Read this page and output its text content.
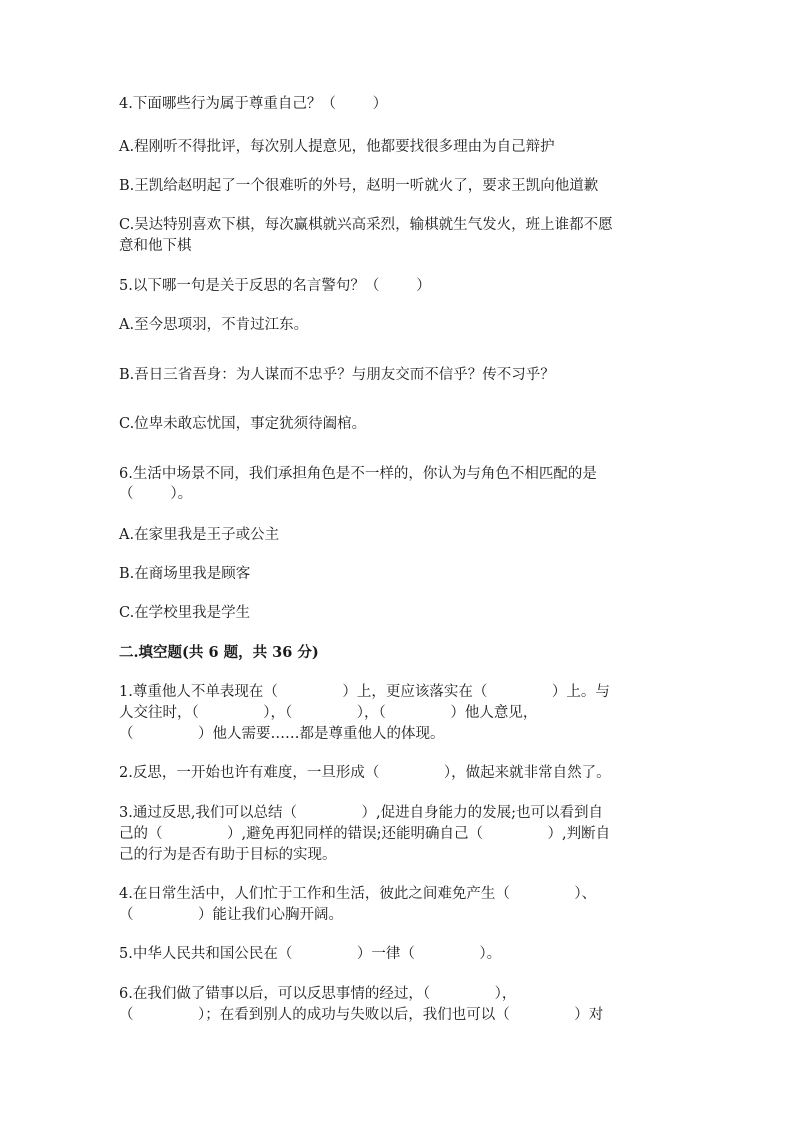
4.下面哪些行为属于尊重自己？（        ）
A.程刚听不得批评，每次别人提意见，他都要找很多理由为自己辩护
B.王凯给赵明起了一个很难听的外号，赵明一听就火了，要求王凯向他道歉
C.吴达特别喜欢下棋，每次赢棋就兴高采烈，输棋就生气发火，班上谁都不愿
意和他下棋
5.以下哪一句是关于反思的名言警句？（        ）
A.至今思项羽，不肯过江东。
B.吾日三省吾身：为人谋而不忠乎？与朋友交而不信乎？传不习乎？
C.位卑未敢忘忧国，事定犹须待阖棺。
6.生活中场景不同，我们承担角色是不一样的，你认为与角色不相匹配的是
（        ）。
A.在家里我是王子或公主
B.在商场里我是顾客
C.在学校里我是学生
二.填空题(共 6 题，共 36 分)
1.尊重他人不单表现在（              ）上，更应该落实在（              ）上。与
人交往时，（              ），（              ），（              ）他人意见，
（              ）他人需要……都是尊重他人的体现。
2.反思，一开始也许有难度，一旦形成（              ），做起来就非常自然了。
3.通过反思,我们可以总结（              ）,促进自身能力的发展;也可以看到自
己的（              ）,避免再犯同样的错误;还能明确自己（              ）,判断自
己的行为是否有助于目标的实现。
4.在日常生活中，人们忙于工作和生活，彼此之间难免产生（              ）、
（              ）能让我们心胸开阔。
5.中华人民共和国公民在（              ）一律（              ）。
6.在我们做了错事以后，可以反思事情的经过，（              ），
（              ）；在看到别人的成功与失败以后，我们也可以（              ）对
